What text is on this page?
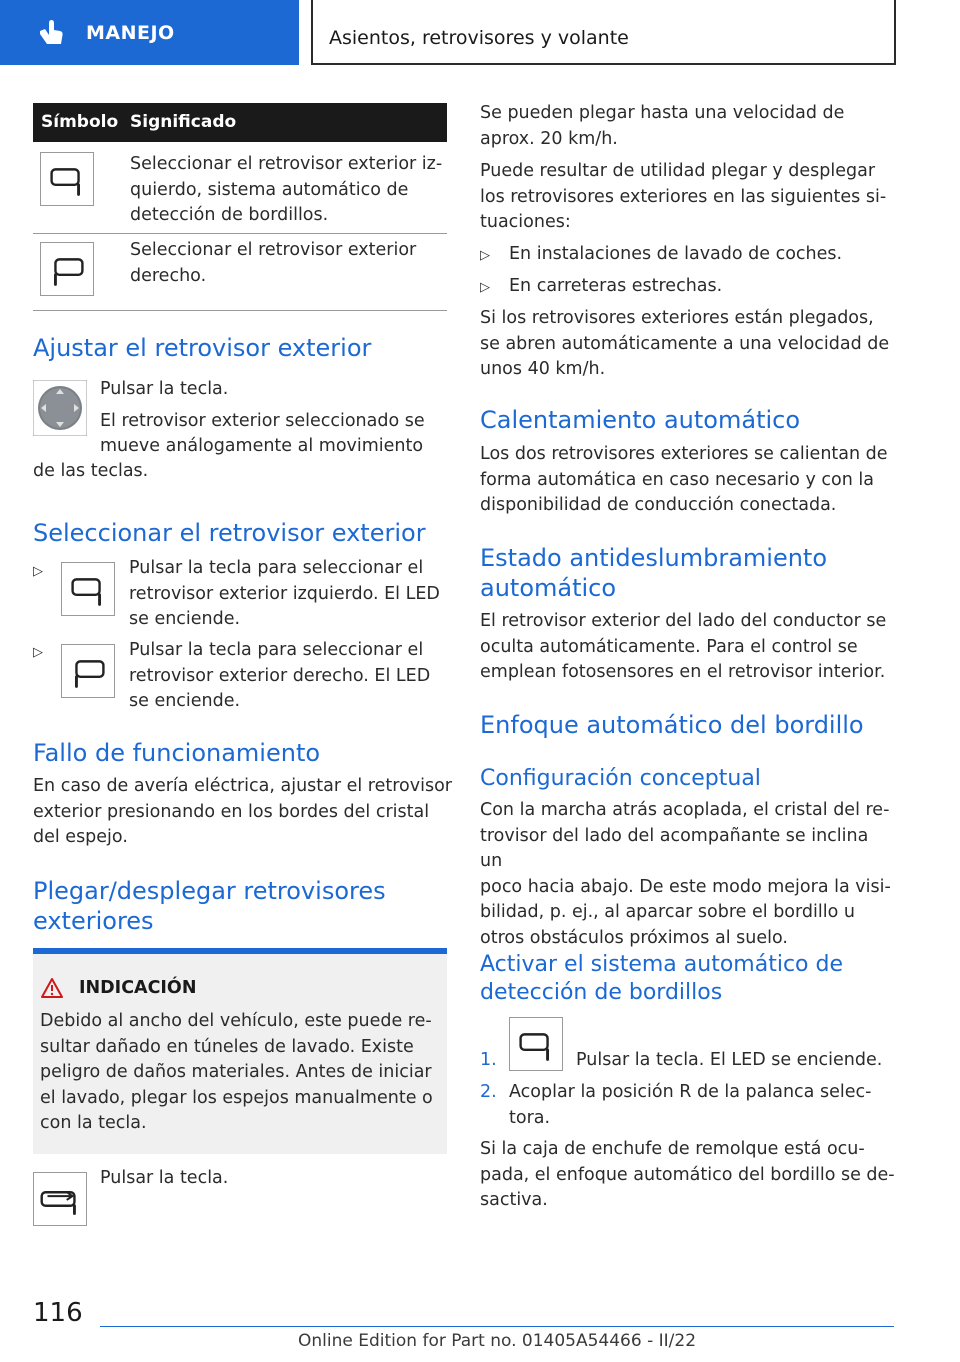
MANEJO	Asientos, retrovisores y volante
Símbolo Significado
Seleccionar el retrovisor exterior iz-
quierdo, sistema automático de
detección de bordillos.
Seleccionar el retrovisor exterior
derecho.
Ajustar el retrovisor exterior
Pulsar la tecla.
El retrovisor exterior seleccionado se
mueve análogamente al movimiento
de las teclas.
Seleccionar el retrovisor exterior
▷	Pulsar la tecla para seleccionar el
retrovisor exterior izquierdo. El LED
se enciende.
▷	Pulsar la tecla para seleccionar el
retrovisor exterior derecho. El LED
se enciende.
Fallo de funcionamiento
En caso de avería eléctrica, ajustar el retrovisor
exterior presionando en los bordes del cristal
del espejo.
Plegar/desplegar retrovisores
exteriores
INDICACIÓN
Debido al ancho del vehículo, este puede re-
sultar dañado en túneles de lavado. Existe
peligro de daños materiales. Antes de iniciar
el lavado, plegar los espejos manualmente o
con la tecla.
Pulsar la tecla.
Se pueden plegar hasta una velocidad de
aprox. 20 km/h.
Puede resultar de utilidad plegar y desplegar
los retrovisores exteriores en las siguientes si-
tuaciones:
▷ En instalaciones de lavado de coches.
▷ En carreteras estrechas.
Si los retrovisores exteriores están plegados,
se abren automáticamente a una velocidad de
unos 40 km/h.
Calentamiento automático
Los dos retrovisores exteriores se calientan de
forma automática en caso necesario y con la
disponibilidad de conducción conectada.
Estado antideslumbramiento
automático
El retrovisor exterior del lado del conductor se
oculta automáticamente. Para el control se
emplean fotosensores en el retrovisor interior.
Enfoque automático del bordillo
Configuración conceptual
Con la marcha atrás acoplada, el cristal del re-
trovisor del lado del acompañante se inclina un
poco hacia abajo. De este modo mejora la visi-
bilidad, p. ej., al aparcar sobre el bordillo u
otros obstáculos próximos al suelo.
Activar el sistema automático de
detección de bordillos
1.	Pulsar la tecla. El LED se enciende.
2. Acoplar la posición R de la palanca selec-
tora.
Si la caja de enchufe de remolque está ocu-
pada, el enfoque automático del bordillo se de-
sactiva.
116
Online Edition for Part no. 01405A54466 - II/22
